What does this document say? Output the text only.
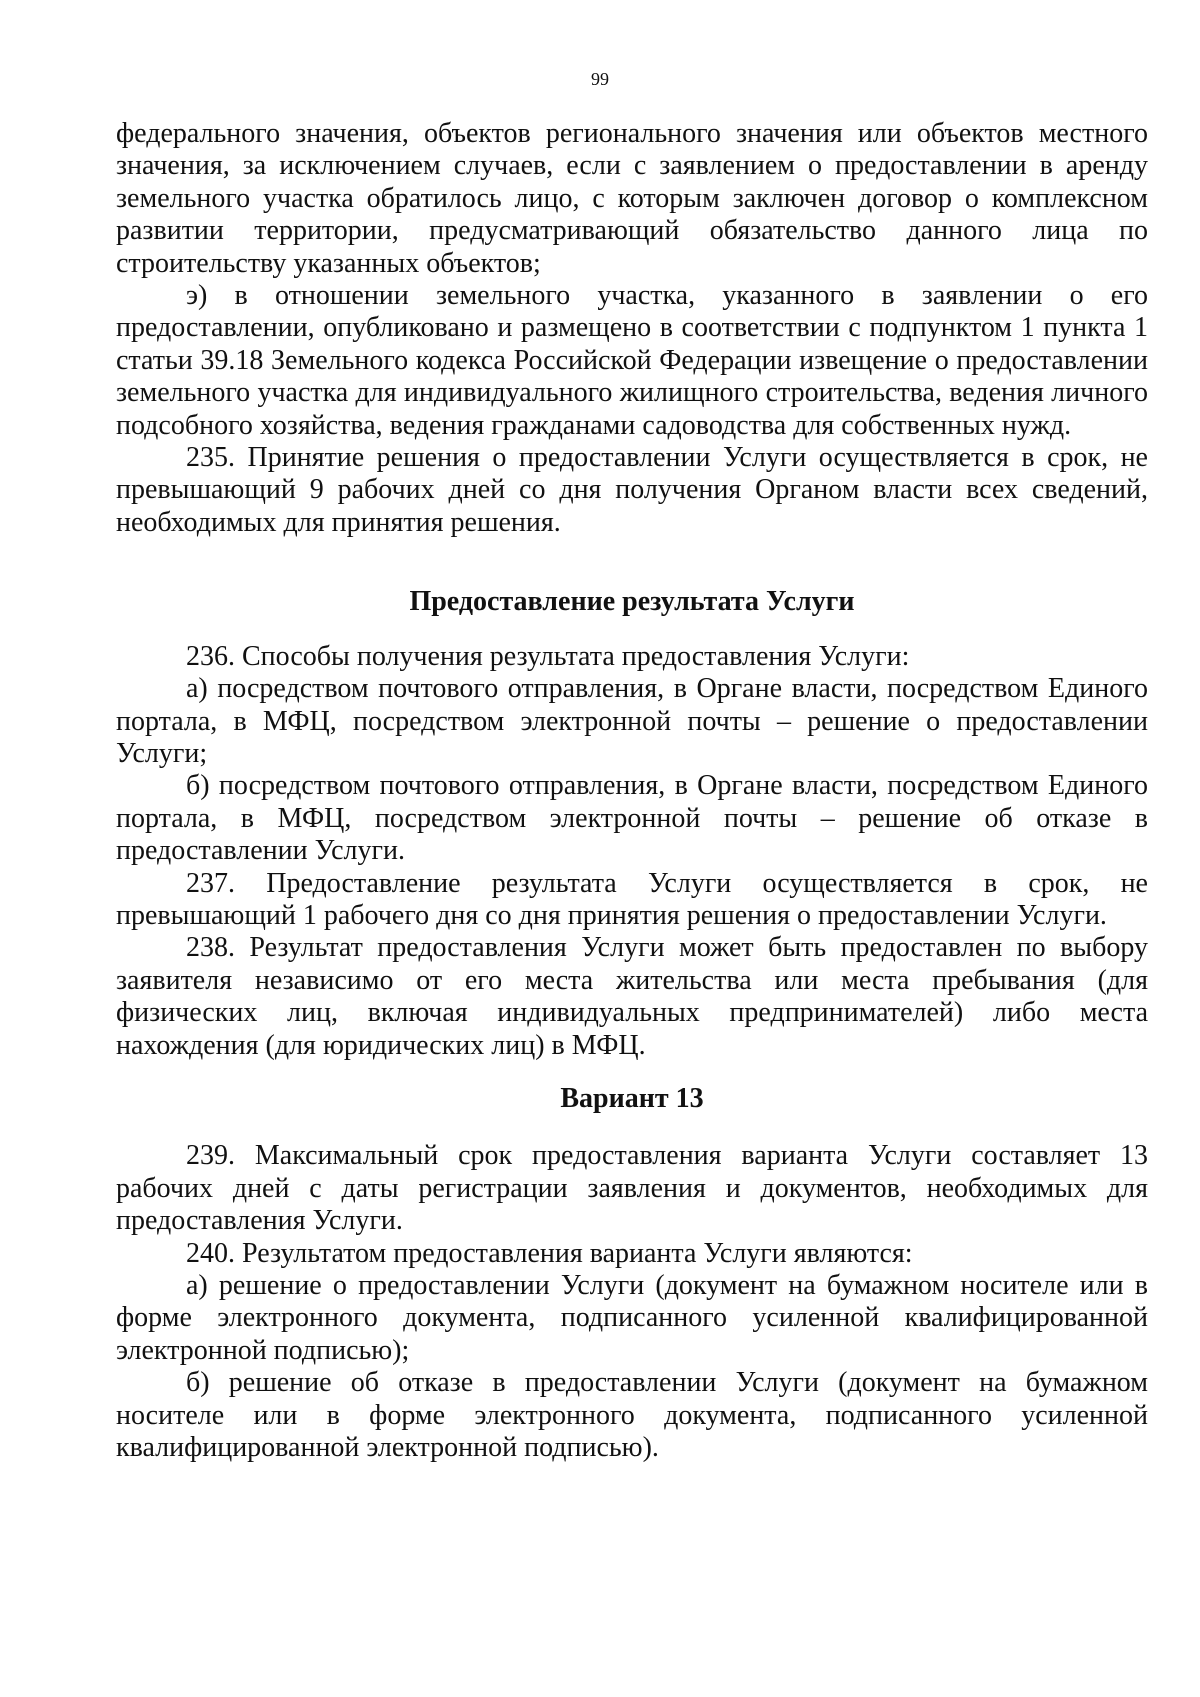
99

федерального значения, объектов регионального значения или объектов местного значения, за исключением случаев, если с заявлением о предоставлении в аренду земельного участка обратилось лицо, с которым заключен договор о комплексном развитии территории, предусматривающий обязательство данного лица по строительству указанных объектов;

э) в отношении земельного участка, указанного в заявлении о его предоставлении, опубликовано и размещено в соответствии с подпунктом 1 пункта 1 статьи 39.18 Земельного кодекса Российской Федерации извещение о предоставлении земельного участка для индивидуального жилищного строительства, ведения личного подсобного хозяйства, ведения гражданами садоводства для собственных нужд.

235. Принятие решения о предоставлении Услуги осуществляется в срок, не превышающий 9 рабочих дней со дня получения Органом власти всех сведений, необходимых для принятия решения.

Предоставление результата Услуги

236. Способы получения результата предоставления Услуги:

а) посредством почтового отправления, в Органе власти, посредством Единого портала, в МФЦ, посредством электронной почты – решение о предоставлении Услуги;

б) посредством почтового отправления, в Органе власти, посредством Единого портала, в МФЦ, посредством электронной почты – решение об отказе в предоставлении Услуги.

237. Предоставление результата Услуги осуществляется в срок, не превышающий 1 рабочего дня со дня принятия решения о предоставлении Услуги.

238. Результат предоставления Услуги может быть предоставлен по выбору заявителя независимо от его места жительства или места пребывания (для физических лиц, включая индивидуальных предпринимателей) либо места нахождения (для юридических лиц) в МФЦ.

Вариант 13

239. Максимальный срок предоставления варианта Услуги составляет 13 рабочих дней с даты регистрации заявления и документов, необходимых для предоставления Услуги.

240. Результатом предоставления варианта Услуги являются:

а) решение о предоставлении Услуги (документ на бумажном носителе или в форме электронного документа, подписанного усиленной квалифицированной электронной подписью);

б) решение об отказе в предоставлении Услуги (документ на бумажном носителе или в форме электронного документа, подписанного усиленной квалифицированной электронной подписью).
